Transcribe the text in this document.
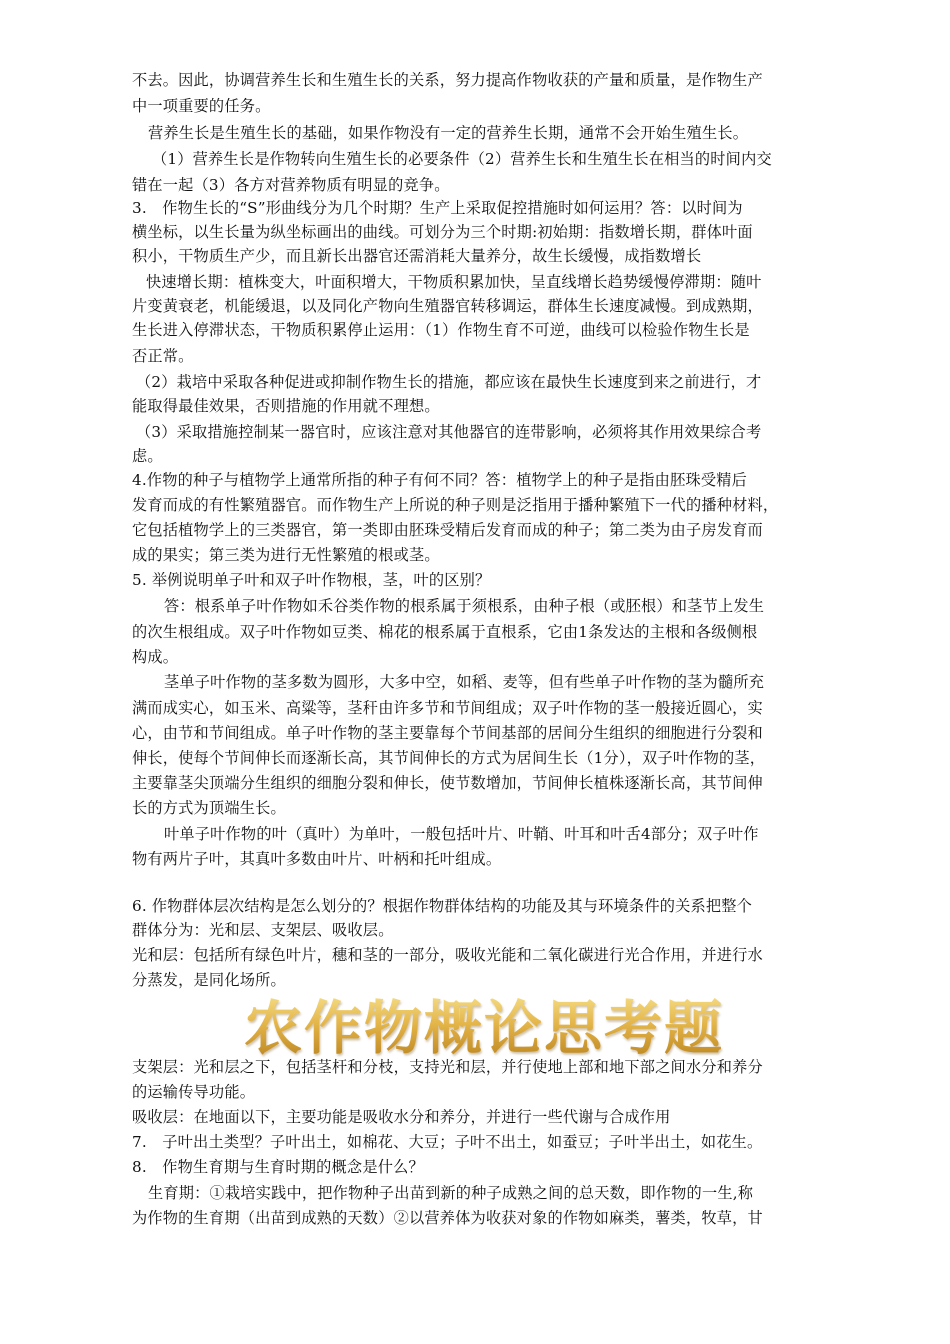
不去。因此，协调营养生长和生殖生长的关系，努力提高作物收获的产量和质量，是作物生产
中一项重要的任务。
营养生长是生殖生长的基础，如果作物没有一定的营养生长期，通常不会开始生殖生长。
（1）营养生长是作物转向生殖生长的必要条件（2）营养生长和生殖生长在相当的时间内交
错在一起（3）各方对营养物质有明显的竞争。
3.　作物生长的“S”形曲线分为几个时期？生产上采取促控措施时如何运用？答：以时间为
横坐标，以生长量为纵坐标画出的曲线。可划分为三个时期:初始期：指数增长期，群体叶面
积小，干物质生产少，而且新长出器官还需消耗大量养分，故生长缓慢，成指数增长
快速增长期：植株变大，叶面积增大，干物质积累加快，呈直线增长趋势缓慢停滞期：随叶
片变黄衰老，机能缓退，以及同化产物向生殖器官转移调运，群体生长速度减慢。到成熟期，
生长进入停滞状态，干物质积累停止运用：（1）作物生育不可逆，曲线可以检验作物生长是
否正常。
（2）栽培中采取各种促进或抑制作物生长的措施，都应该在最快生长速度到来之前进行，才
能取得最佳效果，否则措施的作用就不理想。
（3）采取措施控制某一器官时，应该注意对其他器官的连带影响，必须将其作用效果综合考
虑。
4.作物的种子与植物学上通常所指的种子有何不同？答：植物学上的种子是指由胚珠受精后
发育而成的有性繁殖器官。而作物生产上所说的种子则是泛指用于播种繁殖下一代的播种材料，
它包括植物学上的三类器官，第一类即由胚珠受精后发育而成的种子；第二类为由子房发育而
成的果实；第三类为进行无性繁殖的根或茎。
5. 举例说明单子叶和双子叶作物根，茎，叶的区别？
答：根系单子叶作物如禾谷类作物的根系属于须根系，由种子根（或胚根）和茎节上发生
的次生根组成。双子叶作物如豆类、棉花的根系属于直根系，它由1条发达的主根和各级侧根
构成。
茎单子叶作物的茎多数为圆形，大多中空，如稻、麦等，但有些单子叶作物的茎为髓所充
满而成实心，如玉米、高粱等，茎秆由许多节和节间组成；双子叶作物的茎一般接近圆心，实
心，由节和节间组成。单子叶作物的茎主要靠每个节间基部的居间分生组织的细胞进行分裂和
伸长，使每个节间伸长而逐渐长高，其节间伸长的方式为居间生长（1分），双子叶作物的茎，
主要靠茎尖顶端分生组织的细胞分裂和伸长，使节数增加，节间伸长植株逐渐长高，其节间伸
长的方式为顶端生长。
叶单子叶作物的叶（真叶）为单叶，一般包括叶片、叶鞘、叶耳和叶舌4部分；双子叶作
物有两片子叶，其真叶多数由叶片、叶柄和托叶组成。
6. 作物群体层次结构是怎么划分的？根据作物群体结构的功能及其与环境条件的关系把整个
群体分为：光和层、支架层、吸收层。
光和层：包括所有绿色叶片，穗和茎的一部分，吸收光能和二氧化碳进行光合作用，并进行水
分蒸发，是同化场所。
农作物概论思考题
支架层：光和层之下，包括茎杆和分枝，支持光和层，并行使地上部和地下部之间水分和养分
的运输传导功能。
吸收层：在地面以下，主要功能是吸收水分和养分，并进行一些代谢与合成作用
7.　子叶出土类型？子叶出土，如棉花、大豆；子叶不出土，如蚕豆；子叶半出土，如花生。
8.　作物生育期与生育时期的概念是什么？
生育期：①栽培实践中，把作物种子出苗到新的种子成熟之间的总天数，即作物的一生,称
为作物的生育期（出苗到成熟的天数）②以营养体为收获对象的作物如麻类，薯类，牧草，甘
